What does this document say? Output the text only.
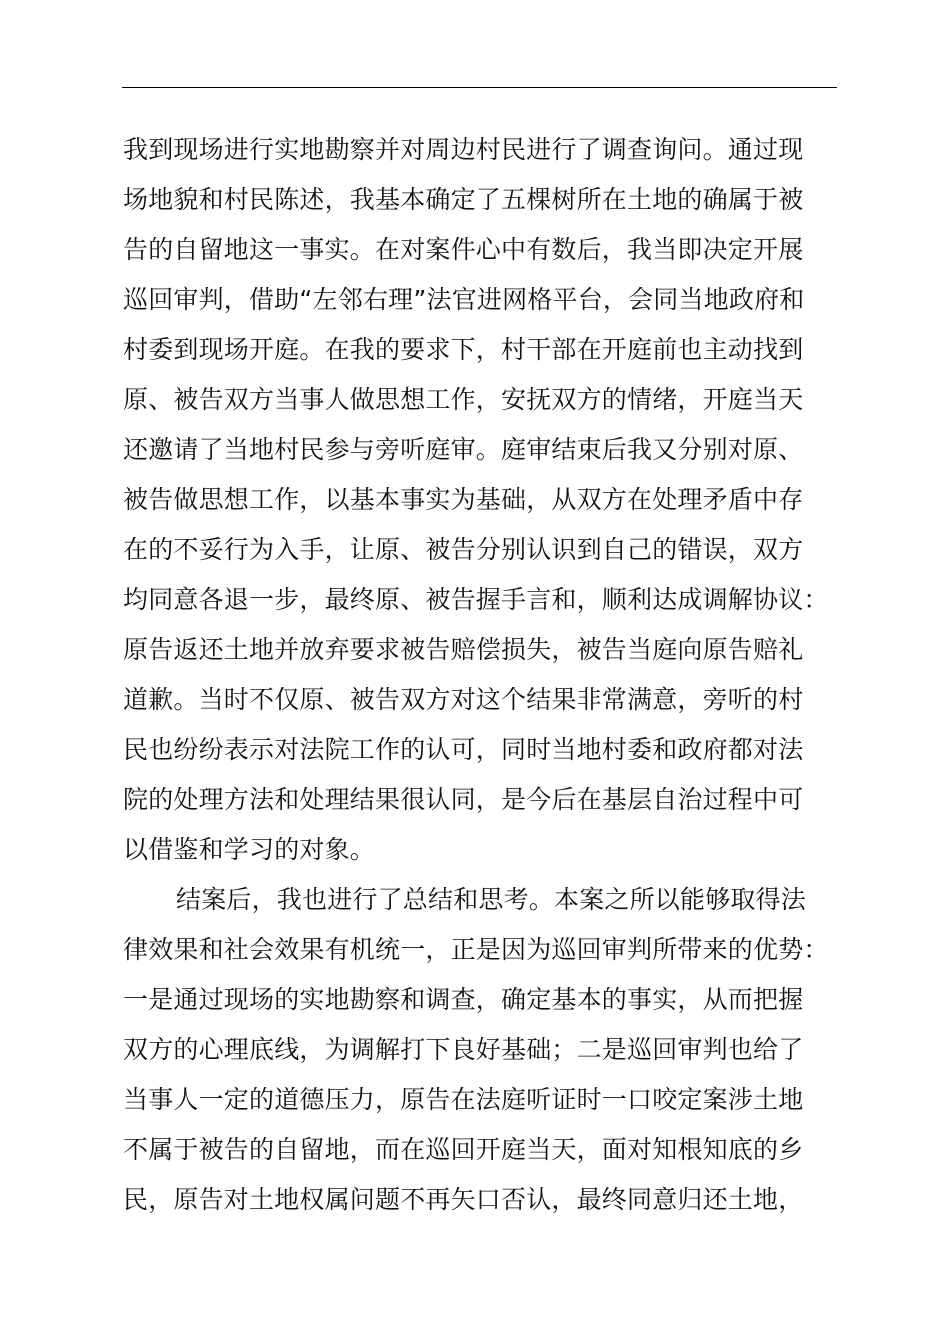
我到现场进行实地勘察并对周边村民进行了调查询问。通过现
场地貌和村民陈述，我基本确定了五棵树所在土地的确属于被
告的自留地这一事实。在对案件心中有数后，我当即决定开展
巡回审判，借助“左邻右理”法官进网格平台，会同当地政府和
村委到现场开庭。在我的要求下，村干部在开庭前也主动找到
原、被告双方当事人做思想工作，安抚双方的情绪，开庭当天
还邀请了当地村民参与旁听庭审。庭审结束后我又分别对原、
被告做思想工作，以基本事实为基础，从双方在处理矛盾中存
在的不妥行为入手，让原、被告分别认识到自己的错误，双方
均同意各退一步，最终原、被告握手言和，顺利达成调解协议：
原告返还土地并放弃要求被告赔偿损失，被告当庭向原告赔礼
道歉。当时不仅原、被告双方对这个结果非常满意，旁听的村
民也纷纷表示对法院工作的认可，同时当地村委和政府都对法
院的处理方法和处理结果很认同，是今后在基层自治过程中可
以借鉴和学习的对象。
结案后，我也进行了总结和思考。本案之所以能够取得法
律效果和社会效果有机统一，正是因为巡回审判所带来的优势：
一是通过现场的实地勘察和调查，确定基本的事实，从而把握
双方的心理底线，为调解打下良好基础；二是巡回审判也给了
当事人一定的道德压力，原告在法庭听证时一口咬定案涉土地
不属于被告的自留地，而在巡回开庭当天，面对知根知底的乡
民，原告对土地权属问题不再矢口否认，最终同意归还土地，
